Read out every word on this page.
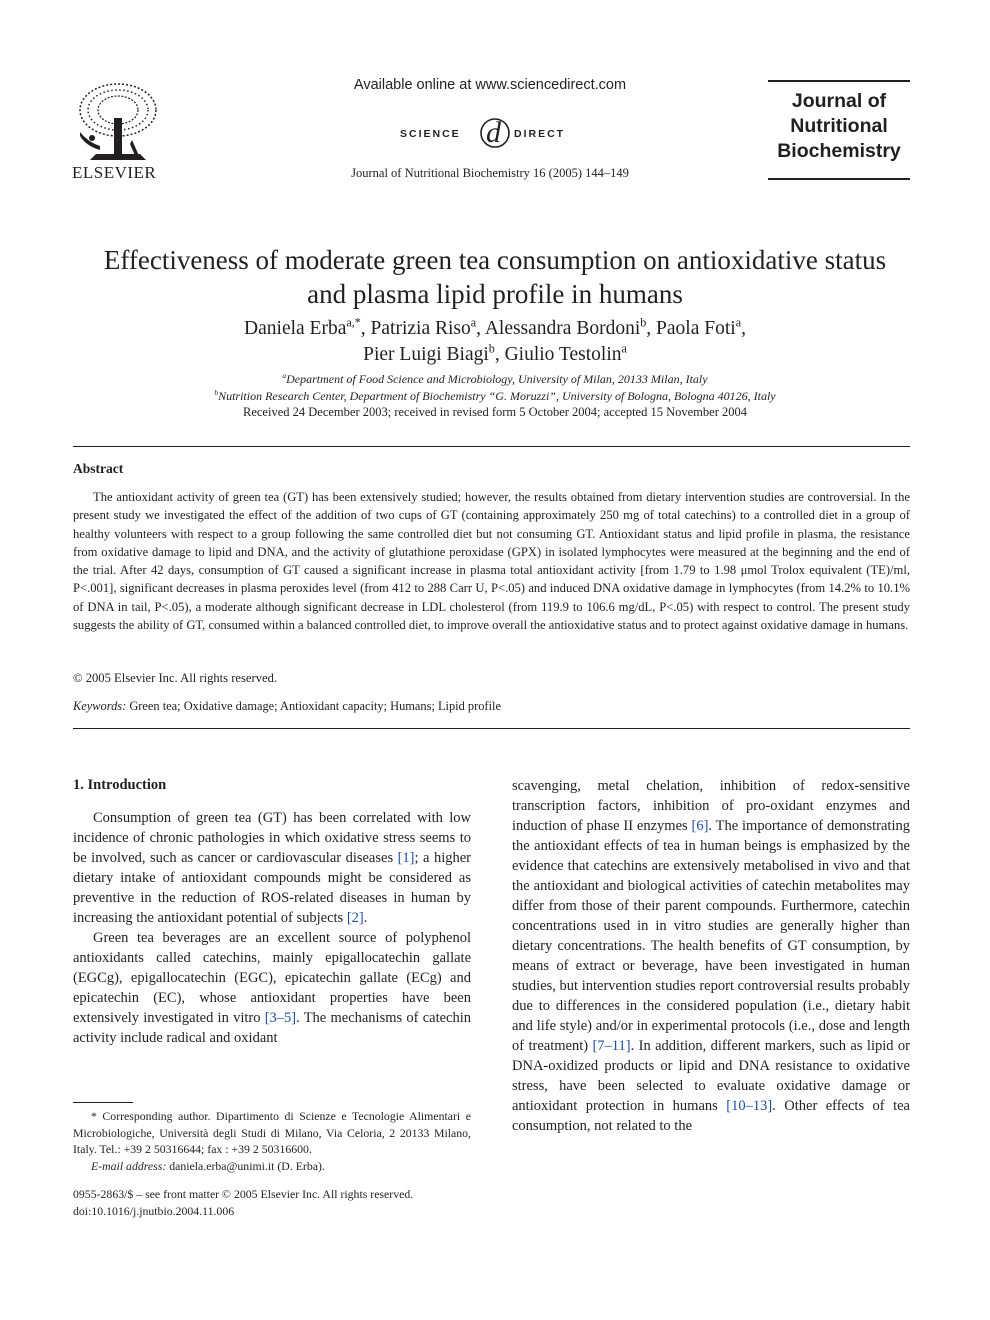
ELSEVIER
Available online at www.sciencedirect.com
SCIENCE d DIRECT
Journal of Nutritional Biochemistry 16 (2005) 144–149
Journal of
Nutritional
Biochemistry
Effectiveness of moderate green tea consumption on antioxidative status
and plasma lipid profile in humans
Daniela Erba$^{a,*}$, Patrizia Riso$^a$, Alessandra Bordoni$^b$, Paola Foti$^a$,
Pier Luigi Biagi$^b$, Giulio Testolin$^a$
$^a$Department of Food Science and Microbiology, University of Milan, 20133 Milan, Italy
$^b$Nutrition Research Center, Department of Biochemistry “G. Moruzzi”, University of Bologna, Bologna 40126, Italy
Received 24 December 2003; received in revised form 5 October 2004; accepted 15 November 2004
Abstract

The antioxidant activity of green tea (GT) has been extensively studied; however, the results obtained from dietary intervention studies are controversial. In the present study we investigated the effect of the addition of two cups of GT (containing approximately 250 mg of total catechins) to a controlled diet in a group of healthy volunteers with respect to a group following the same controlled diet but not consuming GT. Antioxidant status and lipid profile in plasma, the resistance from oxidative damage to lipid and DNA, and the activity of glutathione peroxidase (GPX) in isolated lymphocytes were measured at the beginning and the end of the trial. After 42 days, consumption of GT caused a significant increase in plasma total antioxidant activity [from 1.79 to 1.98 μmol Trolox equivalent (TE)/ml, P<.001], significant decreases in plasma peroxides level (from 412 to 288 Carr U, P<.05) and induced DNA oxidative damage in lymphocytes (from 14.2% to 10.1% of DNA in tail, P<.05), a moderate although significant decrease in LDL cholesterol (from 119.9 to 106.6 mg/dL, P<.05) with respect to control. The present study suggests the ability of GT, consumed within a balanced controlled diet, to improve overall the antioxidative status and to protect against oxidative damage in humans.

© 2005 Elsevier Inc. All rights reserved.
Keywords: Green tea; Oxidative damage; Antioxidant capacity; Humans; Lipid profile
1. Introduction

Consumption of green tea (GT) has been correlated with low incidence of chronic pathologies in which oxidative stress seems to be involved, such as cancer or cardiovascular diseases [1]; a higher dietary intake of antioxidant compounds might be considered as preventive in the reduction of ROS-related diseases in human by increasing the antioxidant potential of subjects [2].

Green tea beverages are an excellent source of polyphenol antioxidants called catechins, mainly epigallocatechin gallate (EGCg), epigallocatechin (EGC), epicatechin gallate (ECg) and epicatechin (EC), whose antioxidant properties have been extensively investigated in vitro [3–5]. The mechanisms of catechin activity include radical and oxidant

scavenging, metal chelation, inhibition of redox-sensitive transcription factors, inhibition of pro-oxidant enzymes and induction of phase II enzymes [6]. The importance of demonstrating the antioxidant effects of tea in human beings is emphasized by the evidence that catechins are extensively metabolised in vivo and that the antioxidant and biological activities of catechin metabolites may differ from those of their parent compounds. Furthermore, catechin concentrations used in in vitro studies are generally higher than dietary concentrations. The health benefits of GT consumption, by means of extract or beverage, have been investigated in human studies, but intervention studies report controversial results probably due to differences in the considered population (i.e., dietary habit and life style) and/or in experimental protocols (i.e., dose and length of treatment) [7–11]. In addition, different markers, such as lipid or DNA-oxidized products or lipid and DNA resistance to oxidative stress, have been selected to evaluate oxidative damage or antioxidant protection in humans [10–13]. Other effects of tea consumption, not related to the

* Corresponding author. Dipartimento di Scienze e Tecnologie Alimentari e Microbiologiche, Università degli Studi di Milano, Via Celoria, 2 20133 Milano, Italy. Tel.: +39 2 50316644; fax : +39 2 50316600.

E-mail address: daniela.erba@unimi.it (D. Erba).

0955-2863/$ – see front matter © 2005 Elsevier Inc. All rights reserved.
doi:10.1016/j.jnutbio.2004.11.006
